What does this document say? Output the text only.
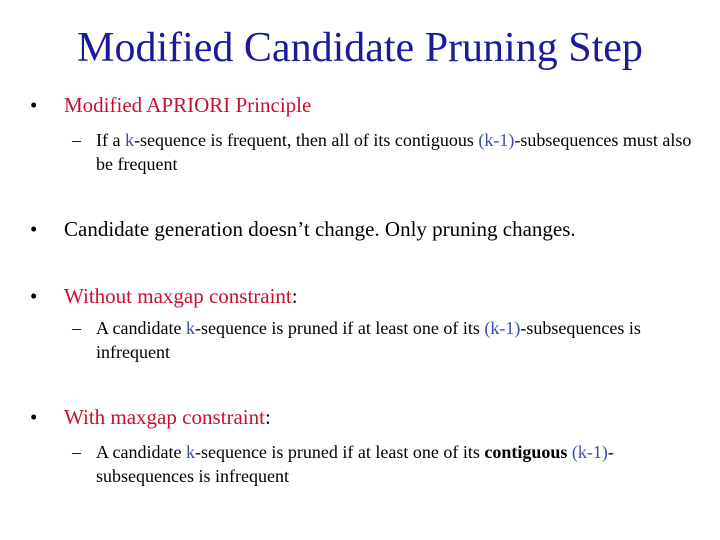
Modified Candidate Pruning Step
• Modified APRIORI Principle
– If a k-sequence is frequent, then all of its contiguous (k-1)-subsequences must also be frequent
• Candidate generation doesn’t change. Only pruning changes.
• Without maxgap constraint:
– A candidate k-sequence is pruned if at least one of its (k-1)-subsequences is infrequent
• With maxgap constraint:
– A candidate k-sequence is pruned if at least one of its contiguous (k-1)-subsequences is infrequent
